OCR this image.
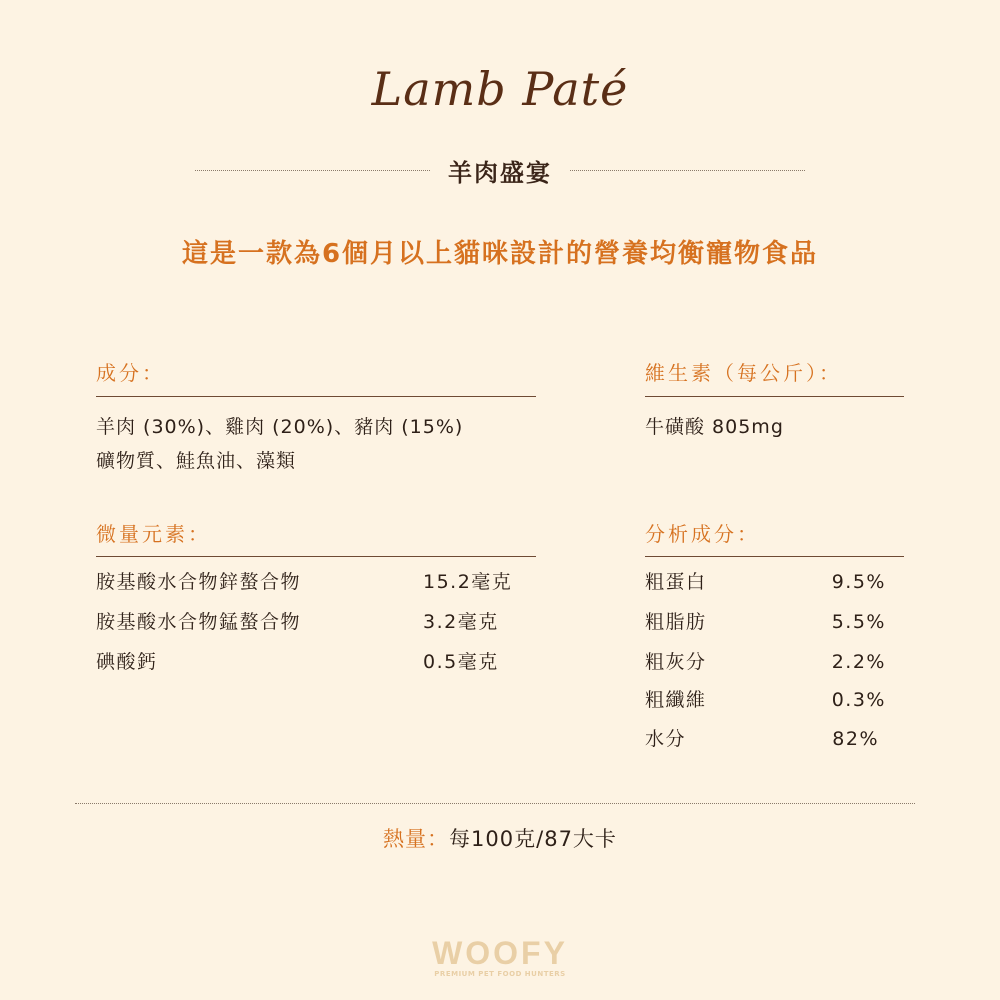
Lamb Paté
羊肉盛宴
這是一款為6個月以上貓咪設計的營養均衡寵物食品
成分：
羊肉 (30%)、雞肉 (20%)、豬肉 (15%)
礦物質、鮭魚油、藻類
維生素（每公斤）：
牛磺酸 805mg
微量元素：
胺基酸水合物鋅螯合物	15.2毫克
胺基酸水合物錳螯合物	3.2毫克
碘酸鈣	0.5毫克
分析成分：
粗蛋白	9.5%
粗脂肪	5.5%
粗灰分	2.2%
粗纖維	0.3%
水分	82%
熱量：每100克/87大卡
WOOFY
PREMIUM PET FOOD HUNTERS
